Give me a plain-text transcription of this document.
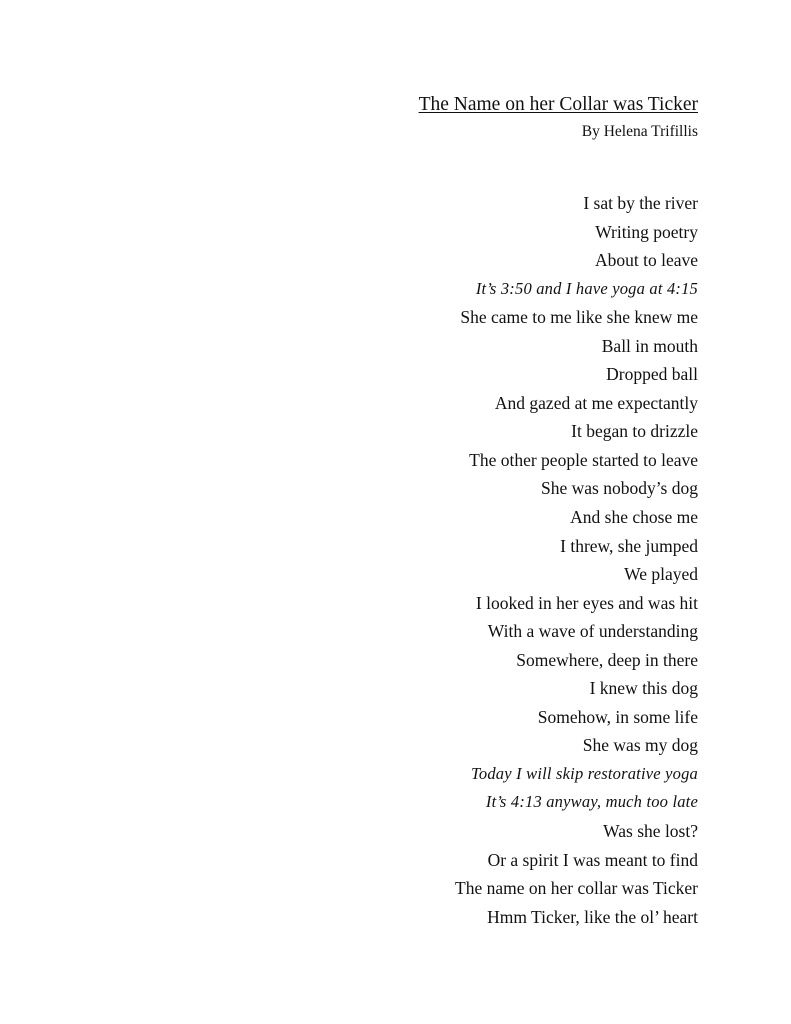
The Name on her Collar was Ticker
By Helena Trifillis
I sat by the river
Writing poetry
About to leave
It’s 3:50 and I have yoga at 4:15
She came to me like she knew me
Ball in mouth
Dropped ball
And gazed at me expectantly
It began to drizzle
The other people started to leave
She was nobody’s dog
And she chose me
I threw, she jumped
We played
I looked in her eyes and was hit
With a wave of understanding
Somewhere, deep in there
I knew this dog
Somehow, in some life
She was my dog
Today I will skip restorative yoga
It’s 4:13 anyway, much too late
Was she lost?
Or a spirit I was meant to find
The name on her collar was Ticker
Hmm Ticker, like the ol’ heart
